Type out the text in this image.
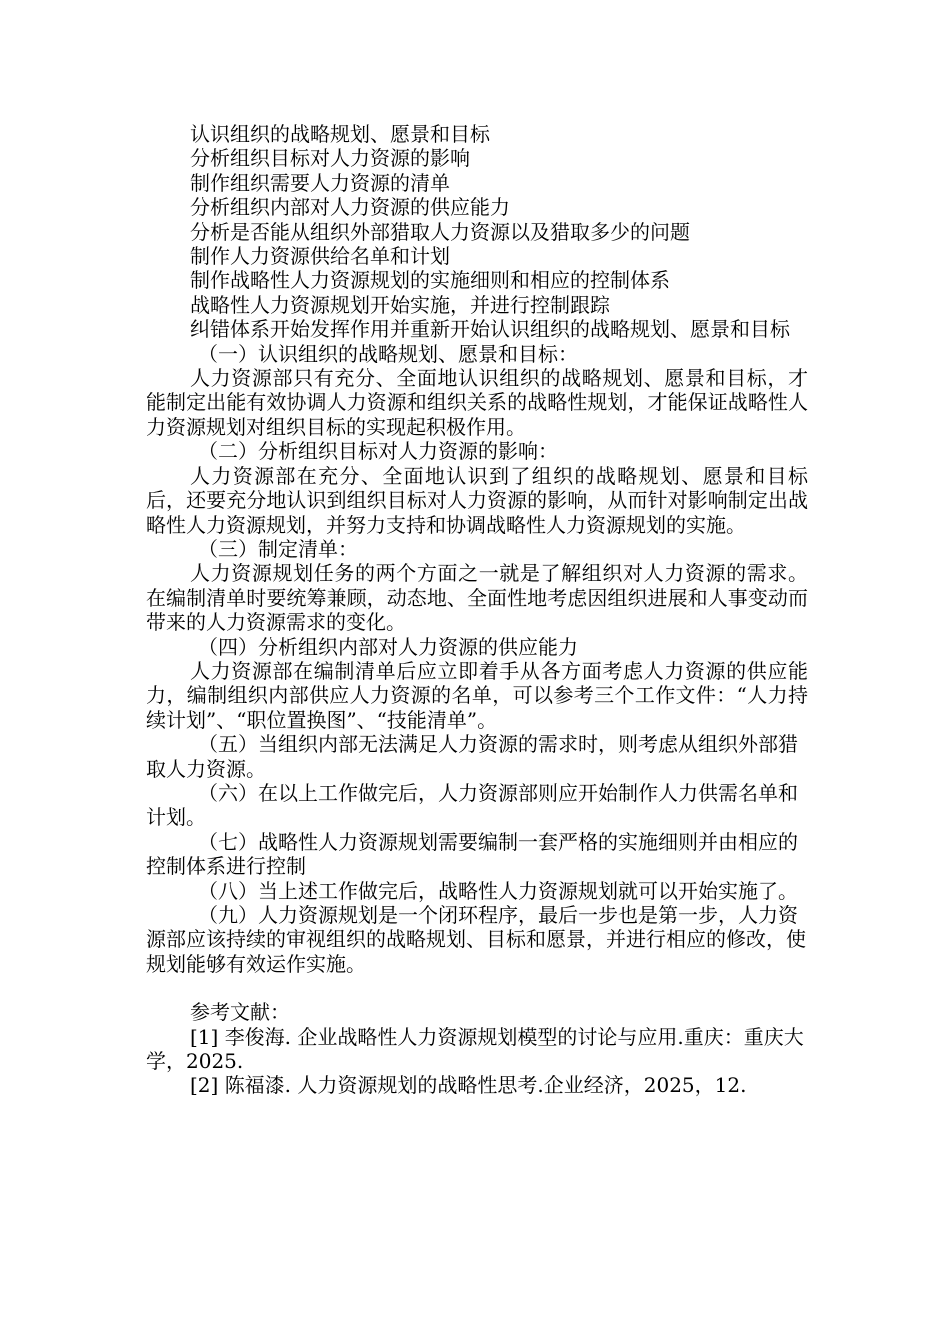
认识组织的战略规划、愿景和目标

分析组织目标对人力资源的影响

制作组织需要人力资源的清单

分析组织内部对人力资源的供应能力

分析是否能从组织外部猎取人力资源以及猎取多少的问题

制作人力资源供给名单和计划

制作战略性人力资源规划的实施细则和相应的控制体系

战略性人力资源规划开始实施，并进行控制跟踪

纠错体系开始发挥作用并重新开始认识组织的战略规划、愿景和目标

（一）认识组织的战略规划、愿景和目标：

人力资源部只有充分、全面地认识组织的战略规划、愿景和目标，才能制定出能有效协调人力资源和组织关系的战略性规划，才能保证战略性人力资源规划对组织目标的实现起积极作用。

（二）分析组织目标对人力资源的影响：

人力资源部在充分、全面地认识到了组织的战略规划、愿景和目标后，还要充分地认识到组织目标对人力资源的影响，从而针对影响制定出战略性人力资源规划，并努力支持和协调战略性人力资源规划的实施。

（三）制定清单：

人力资源规划任务的两个方面之一就是了解组织对人力资源的需求。在编制清单时要统筹兼顾，动态地、全面性地考虑因组织进展和人事变动而带来的人力资源需求的变化。

（四）分析组织内部对人力资源的供应能力

人力资源部在编制清单后应立即着手从各方面考虑人力资源的供应能力，编制组织内部供应人力资源的名单，可以参考三个工作文件：“人力持续计划”、“职位置换图”、“技能清单”。

（五）当组织内部无法满足人力资源的需求时，则考虑从组织外部猎取人力资源。

（六）在以上工作做完后，人力资源部则应开始制作人力供需名单和计划。

（七）战略性人力资源规划需要编制一套严格的实施细则并由相应的控制体系进行控制

（八）当上述工作做完后，战略性人力资源规划就可以开始实施了。

（九）人力资源规划是一个闭环程序，最后一步也是第一步，人力资源部应该持续的审视组织的战略规划、目标和愿景，并进行相应的修改，使规划能够有效运作实施。

参考文献：

[1] 李俊海. 企业战略性人力资源规划模型的讨论与应用.重庆：重庆大学，2025.

[2] 陈福漆. 人力资源规划的战略性思考.企业经济，2025，12.
